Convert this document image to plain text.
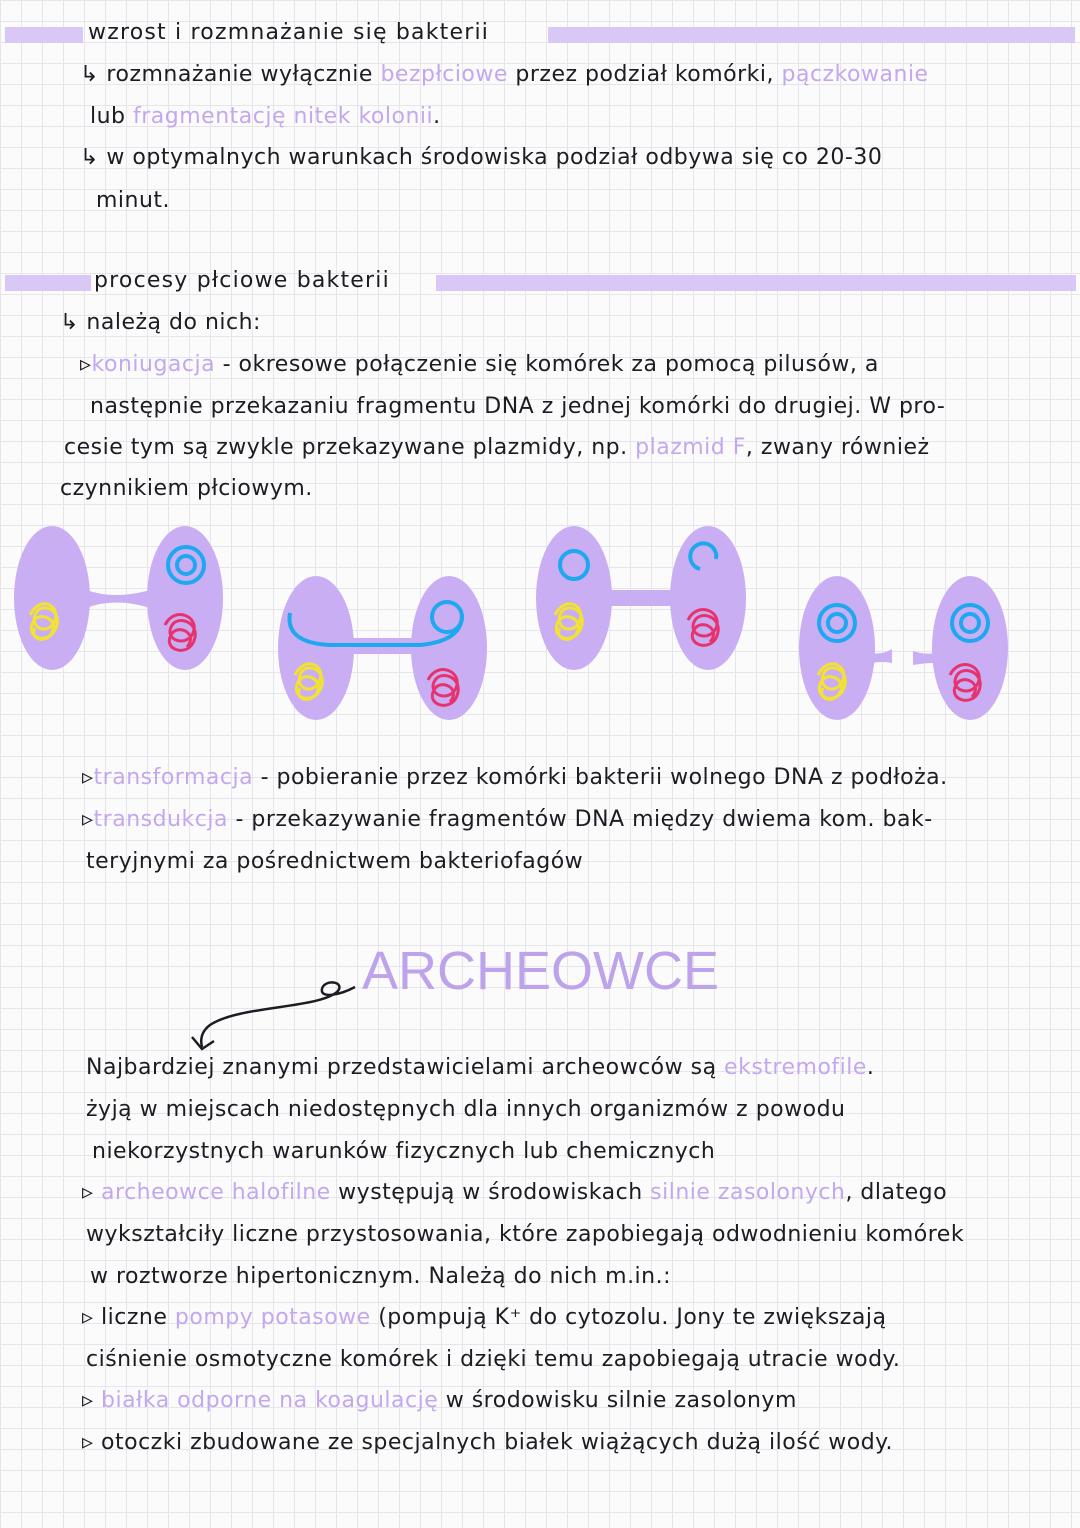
wzrost i rozmnażanie się bakterii
↳ rozmnażanie wyłącznie bezpłciowe przez podział komórki, pączkowanie
lub fragmentację nitek kolonii.
↳ w optymalnych warunkach środowiska podział odbywa się co 20-30
minut.
procesy płciowe bakterii
↳ należą do nich:
▹koniugacja - okresowe połączenie się komórek za pomocą pilusów, a
następnie przekazaniu fragmentu DNA z jednej komórki do drugiej. W pro-
cesie tym są zwykle przekazywane plazmidy, np. plazmid F, zwany również
czynnikiem płciowym.
▹transformacja - pobieranie przez komórki bakterii wolnego DNA z podłoża.
▹transdukcja - przekazywanie fragmentów DNA między dwiema kom. bak-
teryjnymi za pośrednictwem bakteriofagów
ARCHEOWCE
Najbardziej znanymi przedstawicielami archeowców są ekstremofile.
żyją w miejscach niedostępnych dla innych organizmów z powodu
niekorzystnych warunków fizycznych lub chemicznych
▹ archeowce halofilne występują w środowiskach silnie zasolonych, dlatego
wykształciły liczne przystosowania, które zapobiegają odwodnieniu komórek
w roztworze hipertonicznym. Należą do nich m.in.:
▹ liczne pompy potasowe (pompują K⁺ do cytozolu. Jony te zwiększają
ciśnienie osmotyczne komórek i dzięki temu zapobiegają utracie wody.
▹ białka odporne na koagulację w środowisku silnie zasolonym
▹ otoczki zbudowane ze specjalnych białek wiążących dużą ilość wody.
